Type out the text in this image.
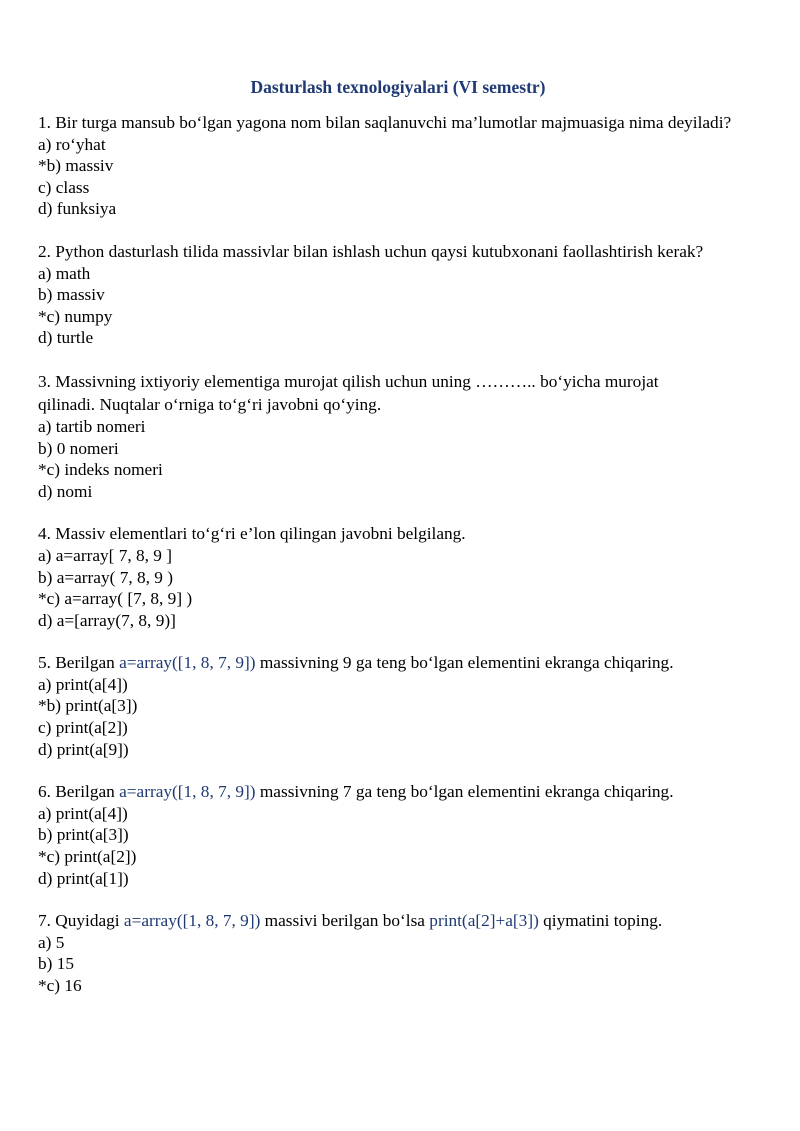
Dasturlash texnologiyalari (VI semestr)
1. Bir turga mansub bo‘lgan yagona nom bilan saqlanuvchi ma’lumotlar majmuasiga nima deyiladi?
a) ro‘yhat
*b) massiv
c) class
d) funksiya
2. Python dasturlash tilida massivlar bilan ishlash uchun qaysi kutubxonani faollashtirish kerak?
a) math
b) massiv
*c) numpy
d) turtle
3. Massivning ixtiyoriy elementiga murojat qilish uchun uning ……….. bo‘yicha murojat
qilinadi. Nuqtalar o‘rniga to‘g‘ri javobni qo‘ying.
a) tartib nomeri
b) 0 nomeri
*c) indeks nomeri
d) nomi
4. Massiv elementlari to‘g‘ri e’lon qilingan javobni belgilang.
a) a=array[ 7, 8, 9 ]
b) a=array( 7, 8, 9 )
*c) a=array( [7, 8, 9] )
d) a=[array(7, 8, 9)]
5. Berilgan a=array([1, 8, 7, 9]) massivning 9 ga teng bo‘lgan elementini ekranga chiqaring.
a) print(a[4])
*b) print(a[3])
c) print(a[2])
d) print(a[9])
6. Berilgan a=array([1, 8, 7, 9]) massivning 7 ga teng bo‘lgan elementini ekranga chiqaring.
a) print(a[4])
b) print(a[3])
*c) print(a[2])
d) print(a[1])
7. Quyidagi a=array([1, 8, 7, 9]) massivi berilgan bo‘lsa print(a[2]+a[3]) qiymatini toping.
a) 5
b) 15
*c) 16
